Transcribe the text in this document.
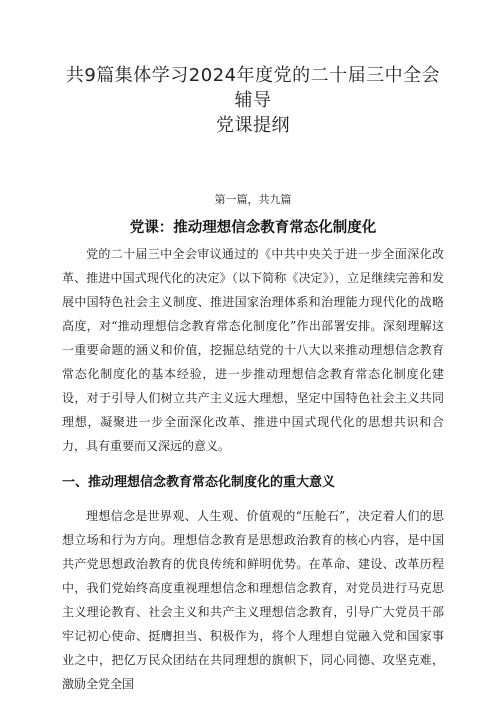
共9篇集体学习2024年度党的二十届三中全会辅导
党课提纲
第一篇，共九篇
党课：推动理想信念教育常态化制度化

党的二十届三中全会审议通过的《中共中央关于进一步全面深化改革、推进中国式现代化的决定》（以下简称《决定》），立足继续完善和发展中国特色社会主义制度、推进国家治理体系和治理能力现代化的战略高度，对“推动理想信念教育常态化制度化”作出部署安排。深刻理解这一重要命题的涵义和价值，挖掘总结党的十八大以来推动理想信念教育常态化制度化的基本经验，进一步推动理想信念教育常态化制度化建设，对于引导人们树立共产主义远大理想，坚定中国特色社会主义共同理想，凝聚进一步全面深化改革、推进中国式现代化的思想共识和合力，具有重要而又深远的意义。

一、推动理想信念教育常态化制度化的重大意义

理想信念是世界观、人生观、价值观的“压舱石”，决定着人们的思想立场和行为方向。理想信念教育是思想政治教育的核心内容，是中国共产党思想政治教育的优良传统和鲜明优势。在革命、建设、改革历程中，我们党始终高度重视理想信念和理想信念教育，对党员进行马克思主义理论教育、社会主义和共产主义理想信念教育，引导广大党员干部牢记初心使命、挺膺担当、积极作为，将个人理想自觉融入党和国家事业之中，把亿万民众团结在共同理想的旗帜下，同心同德、攻坚克难，激励全党全国
